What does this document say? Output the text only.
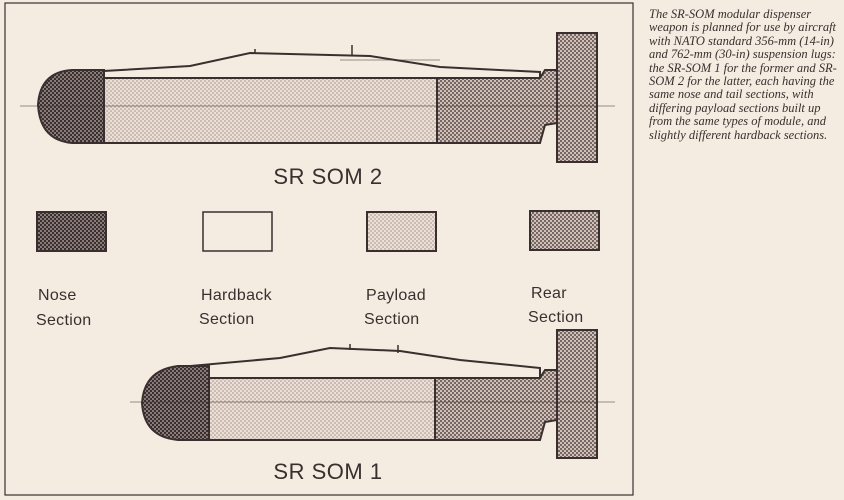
SR SOM 2
Nose
Section
Hardback
Section
Payload
Section
Rear
Section
SR SOM 1

The SR-SOM modular dispenser weapon is planned for use by aircraft with NATO standard 356-mm (14-in) and 762-mm (30-in) suspension lugs: the SR-SOM 1 for the former and SR-SOM 2 for the latter, each having the same nose and tail sections, with differing payload sections built up from the same types of module, and slightly different hardback sections.
